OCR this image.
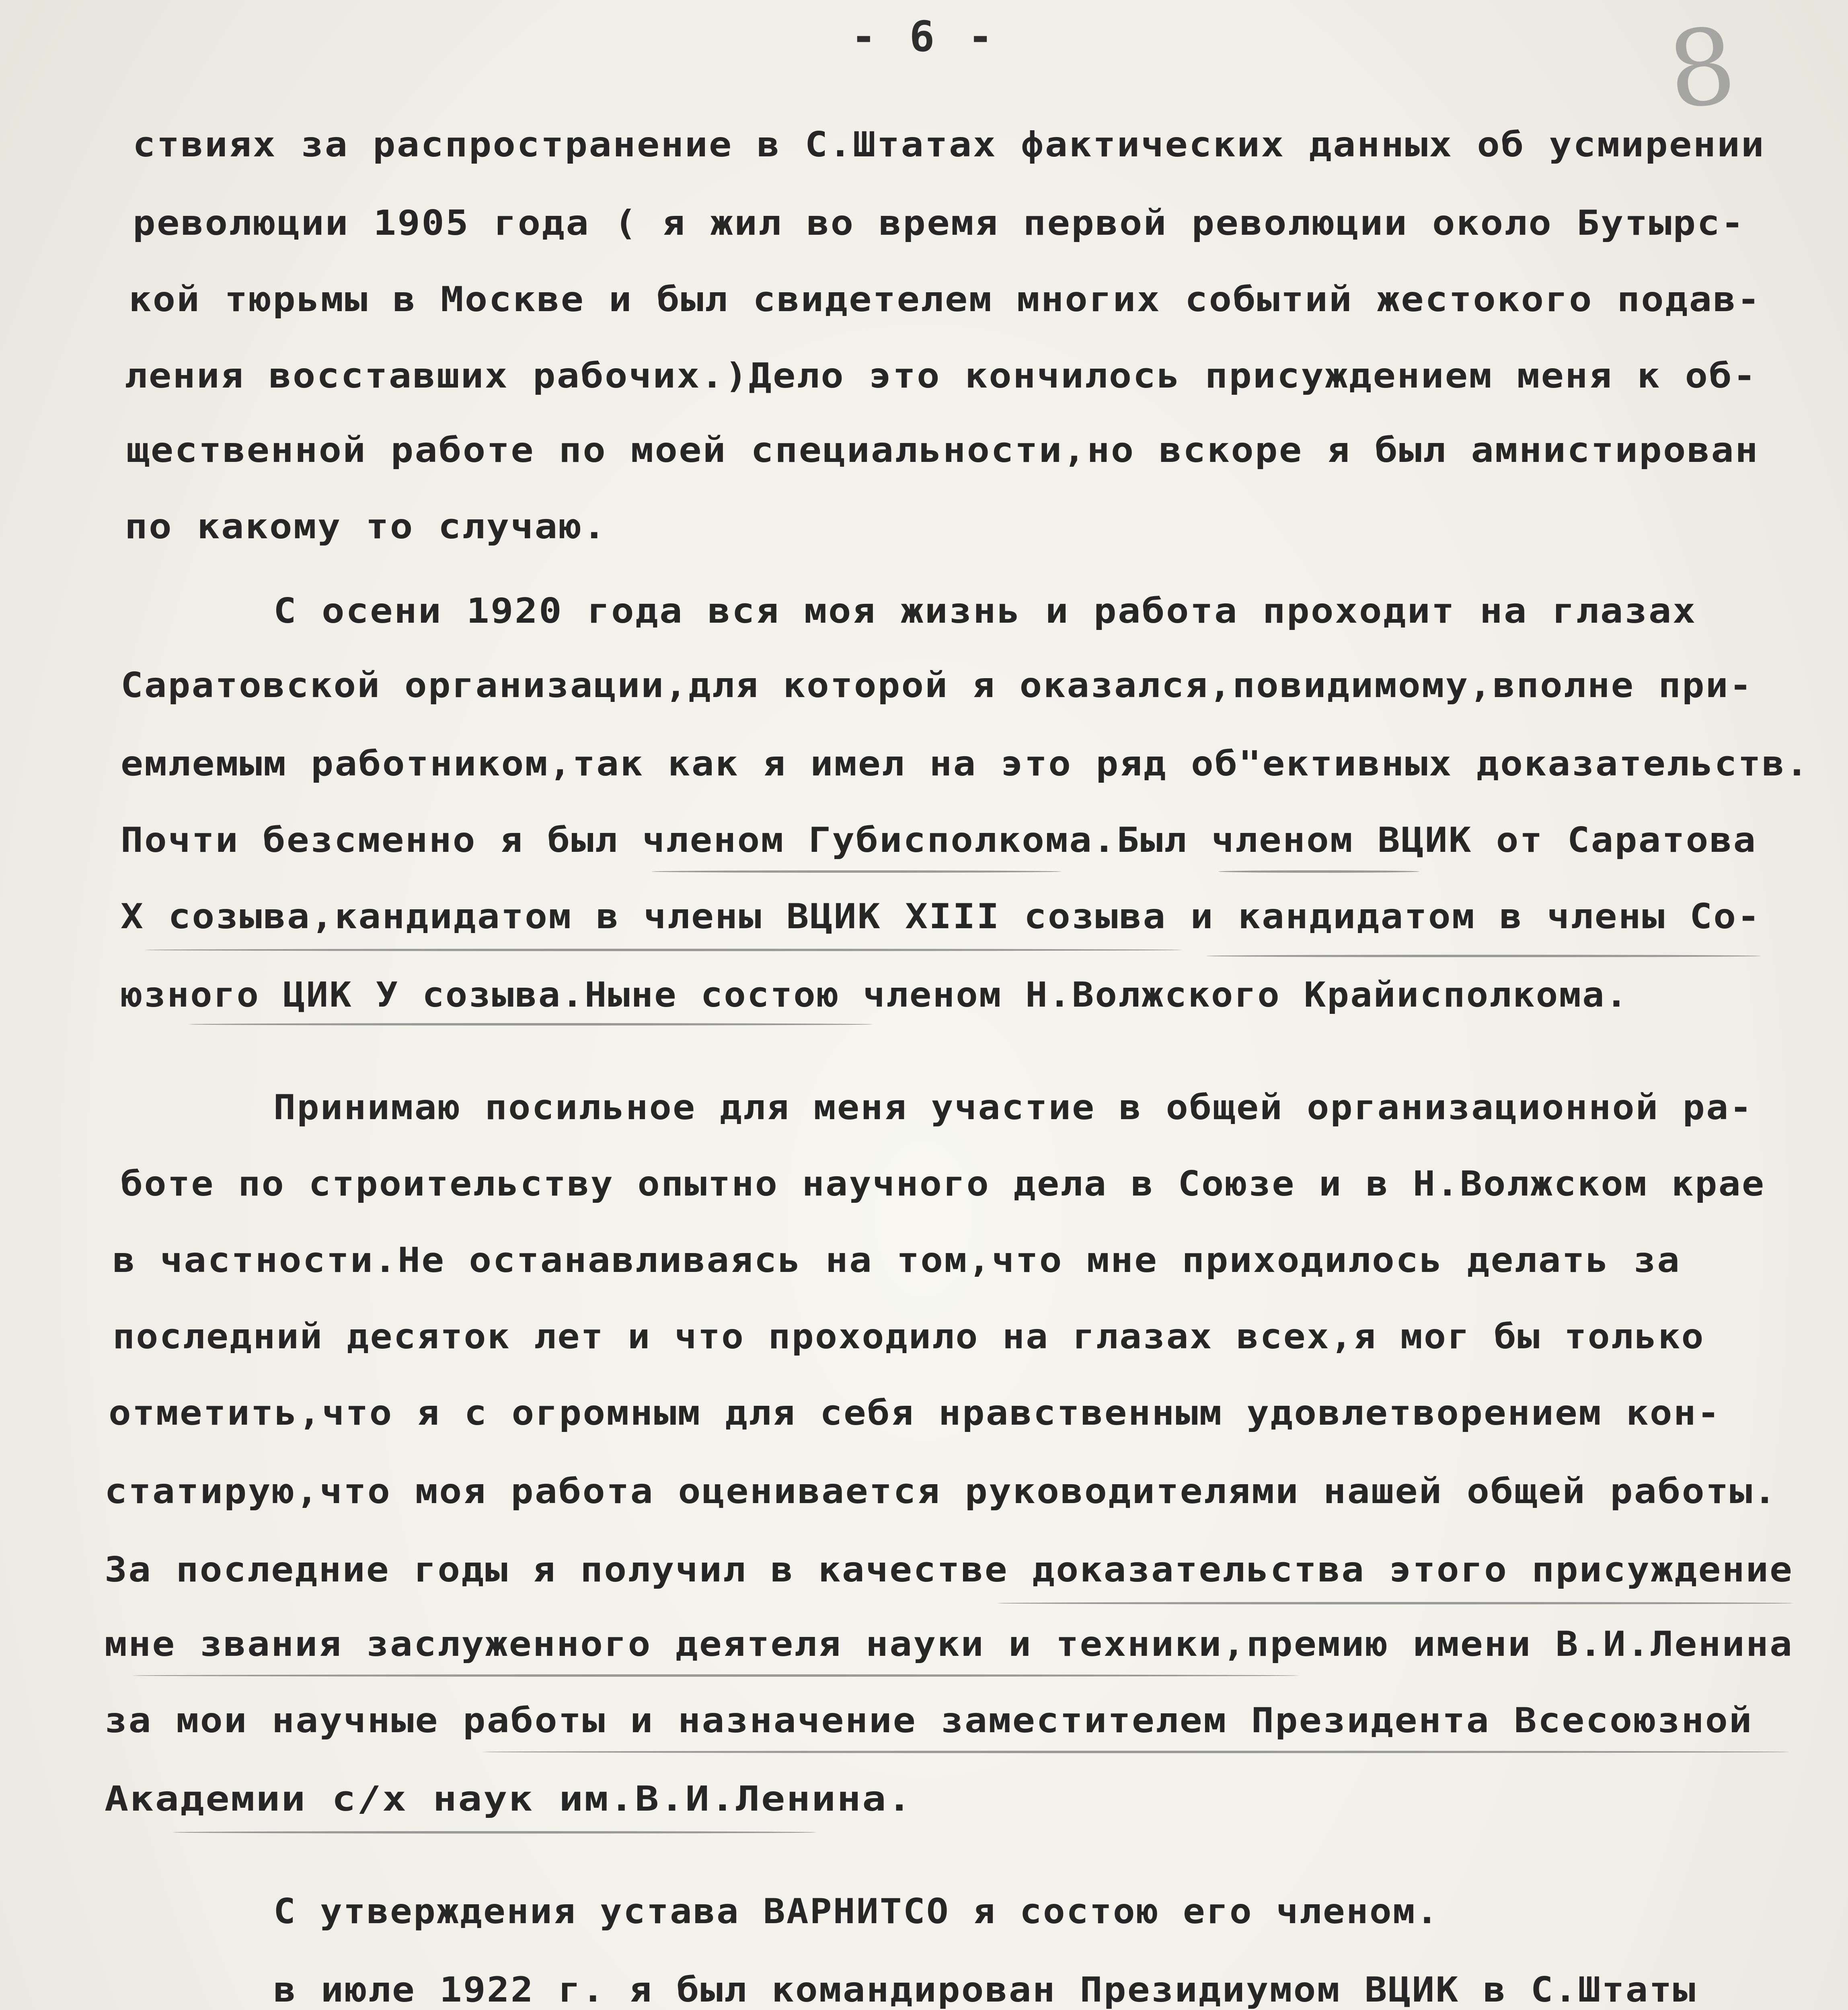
- 6 -	8
ствиях за распространение в С.Штатах фактических данных об усмирении
революции 1905 года ( я жил во время первой революции около Бутырс-
кой тюрьмы в Москве и был свидетелем многих событий жестокого подав-
ления восставших рабочих.)Дело это кончилось присуждением меня к об-
щественной работе по моей специальности,но вскоре я был амнистирован
по какому то случаю.
С осени 1920 года вся моя жизнь и работа проходит на глазах
Саратовской организации,для которой я оказался,повидимому,вполне при-
емлемым работником,так как я имел на это ряд об"ективных доказательств.
Почти безсменно я был членом Губисполкома.Был членом ВЦИК от Саратова
Х созыва,кандидатом в члены ВЦИК XIII созыва и кандидатом в члены Со-
юзного ЦИК У созыва.Ныне состою членом Н.Волжского Крайисполкома.
Принимаю посильное для меня участие в общей организационной ра-
боте по строительству опытно научного дела в Союзе и в Н.Волжском крае
в частности.Не останавливаясь на том,что мне приходилось делать за
последний десяток лет и что проходило на глазах всех,я мог бы только
отметить,что я с огромным для себя нравственным удовлетворением кон-
статирую,что моя работа оценивается руководителями нашей общей работы.
За последние годы я получил в качестве доказательства этого присуждение
мне звания заслуженного деятеля науки и техники,премию имени В.И.Ленина
за мои научные работы и назначение заместителем Президента Всесоюзной
Академии с/х наук им.В.И.Ленина.
С утверждения устава ВАРНИТСО я состою его членом.
в июле 1922 г. я был командирован Президиумом ВЦИК в С.Штаты
